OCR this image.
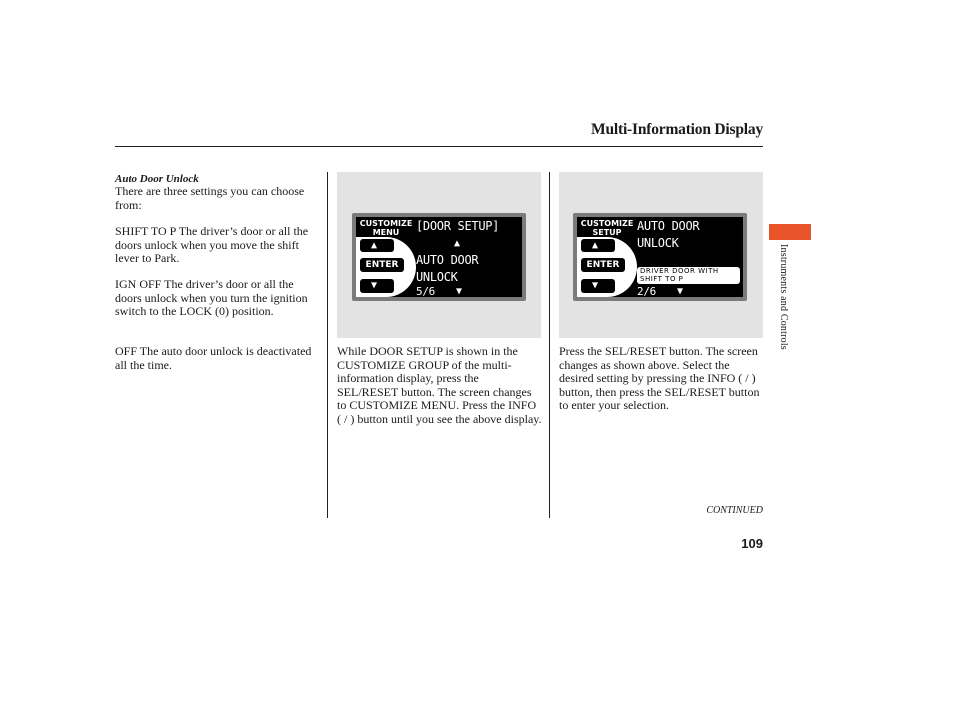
Multi-Information Display
Auto Door Unlock
There are three settings you can choose from:
SHIFT TO P The driver’s door or all the doors unlock when you move the shift lever to Park.
IGN OFF The driver’s door or all the doors unlock when you turn the ignition switch to the LOCK (0) position.
OFF The auto door unlock is deactivated all the time.
CUSTOMIZE MENU
▲
ENTER
▼
[DOOR SETUP]
▲
AUTO DOOR
UNLOCK
5/6 ▼
While DOOR SETUP is shown in the CUSTOMIZE GROUP of the multi-information display, press the SEL/RESET button. The screen changes to CUSTOMIZE MENU. Press the INFO ( / ) button until you see the above display.
CUSTOMIZE SETUP
▲
ENTER
▼
AUTO DOOR
UNLOCK
DRIVER DOOR WITH SHIFT TO P
2/6 ▼
Press the SEL/RESET button. The screen changes as shown above. Select the desired setting by pressing the INFO ( / ) button, then press the SEL/RESET button to enter your selection.
Instruments and Controls
CONTINUED
109
